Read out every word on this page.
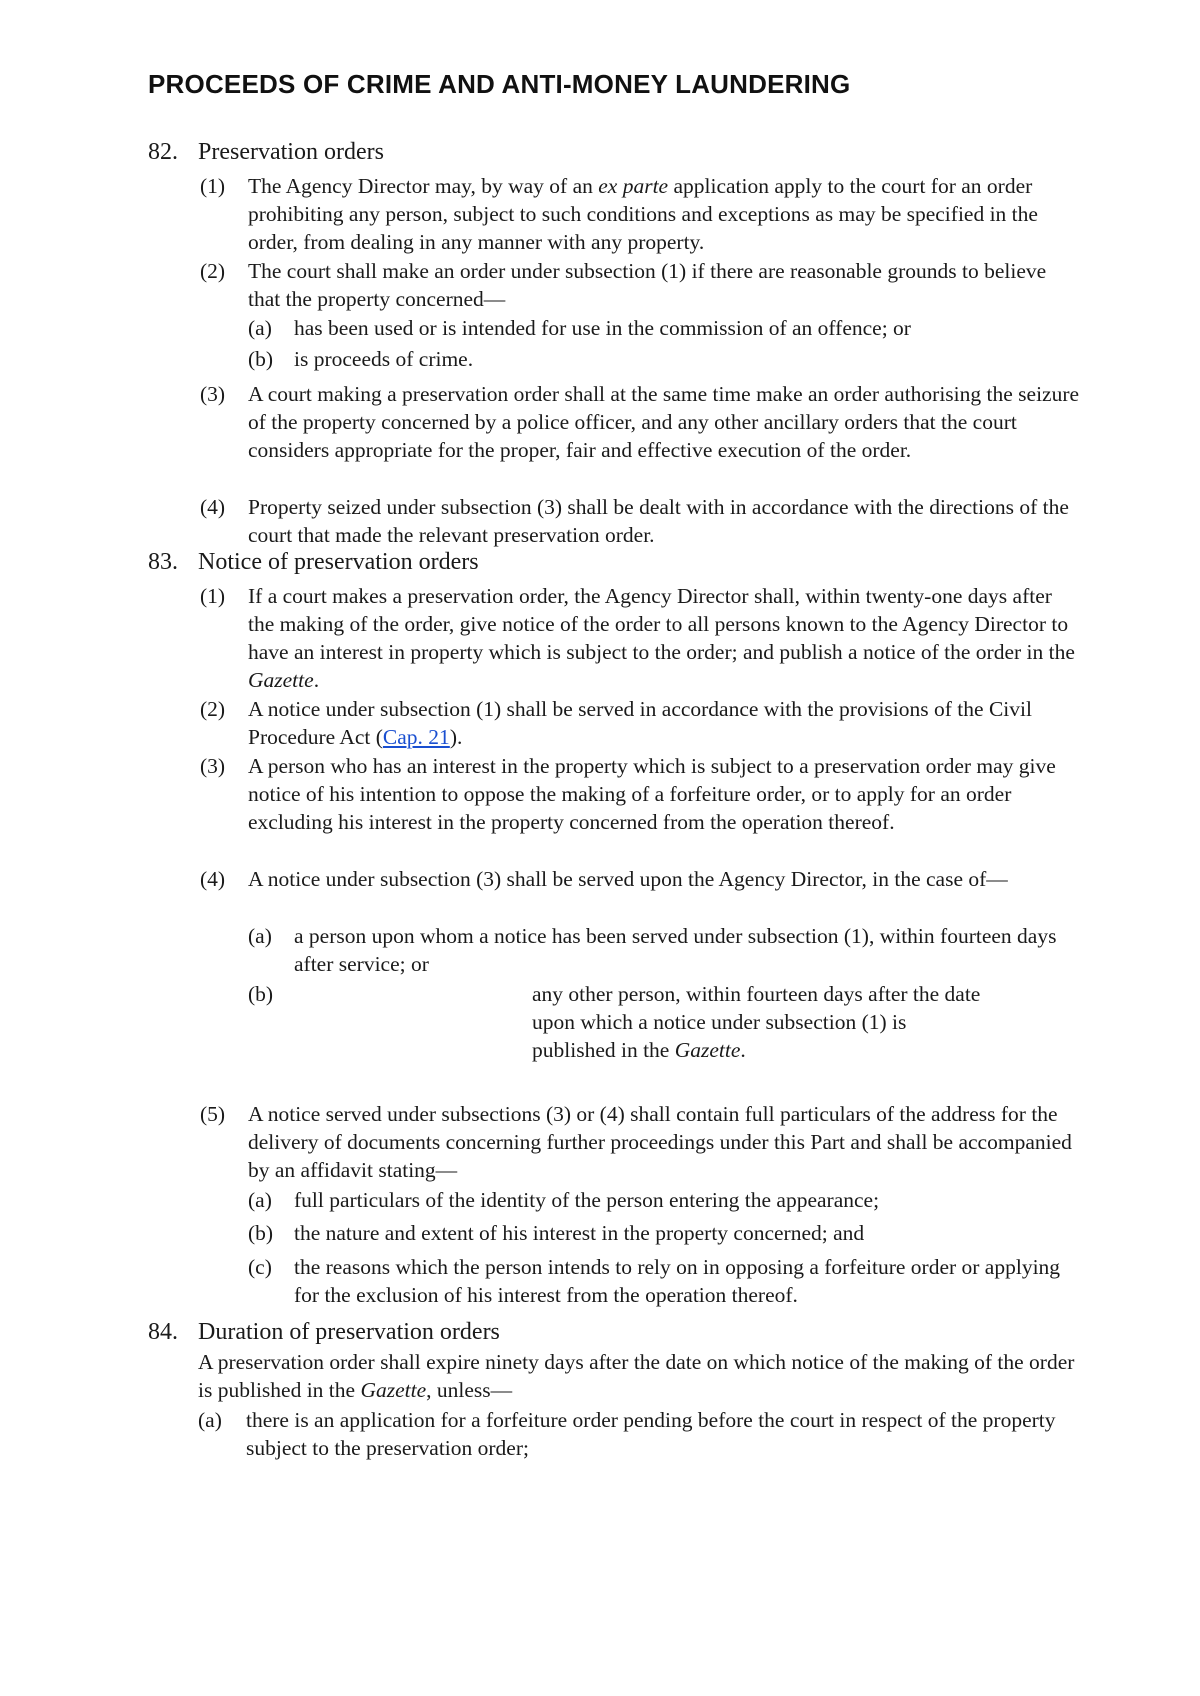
PROCEEDS OF CRIME AND ANTI-MONEY LAUNDERING
82. Preservation orders
(1) The Agency Director may, by way of an ex parte application apply to the court for an order prohibiting any person, subject to such conditions and exceptions as may be specified in the order, from dealing in any manner with any property.
(2) The court shall make an order under subsection (1) if there are reasonable grounds to believe that the property concerned—
(a) has been used or is intended for use in the commission of an offence; or
(b) is proceeds of crime.
(3) A court making a preservation order shall at the same time make an order authorising the seizure of the property concerned by a police officer, and any other ancillary orders that the court considers appropriate for the proper, fair and effective execution of the order.
(4) Property seized under subsection (3) shall be dealt with in accordance with the directions of the court that made the relevant preservation order.
83. Notice of preservation orders
(1) If a court makes a preservation order, the Agency Director shall, within twenty-one days after the making of the order, give notice of the order to all persons known to the Agency Director to have an interest in property which is subject to the order; and publish a notice of the order in the Gazette.
(2) A notice under subsection (1) shall be served in accordance with the provisions of the Civil Procedure Act (Cap. 21).
(3) A person who has an interest in the property which is subject to a preservation order may give notice of his intention to oppose the making of a forfeiture order, or to apply for an order excluding his interest in the property concerned from the operation thereof.
(4) A notice under subsection (3) shall be served upon the Agency Director, in the case of—
(a) a person upon whom a notice has been served under subsection (1), within fourteen days after service; or
(b)	any other person, within fourteen days after the date
upon which a notice under subsection (1) is
published in the Gazette.
(5) A notice served under subsections (3) or (4) shall contain full particulars of the address for the delivery of documents concerning further proceedings under this Part and shall be accompanied by an affidavit stating—
(a) full particulars of the identity of the person entering the appearance;
(b) the nature and extent of his interest in the property concerned; and
(c) the reasons which the person intends to rely on in opposing a forfeiture order or applying for the exclusion of his interest from the operation thereof.
84. Duration of preservation orders
A preservation order shall expire ninety days after the date on which notice of the making of the order is published in the Gazette, unless—
(a) there is an application for a forfeiture order pending before the court in respect of the property subject to the preservation order;
